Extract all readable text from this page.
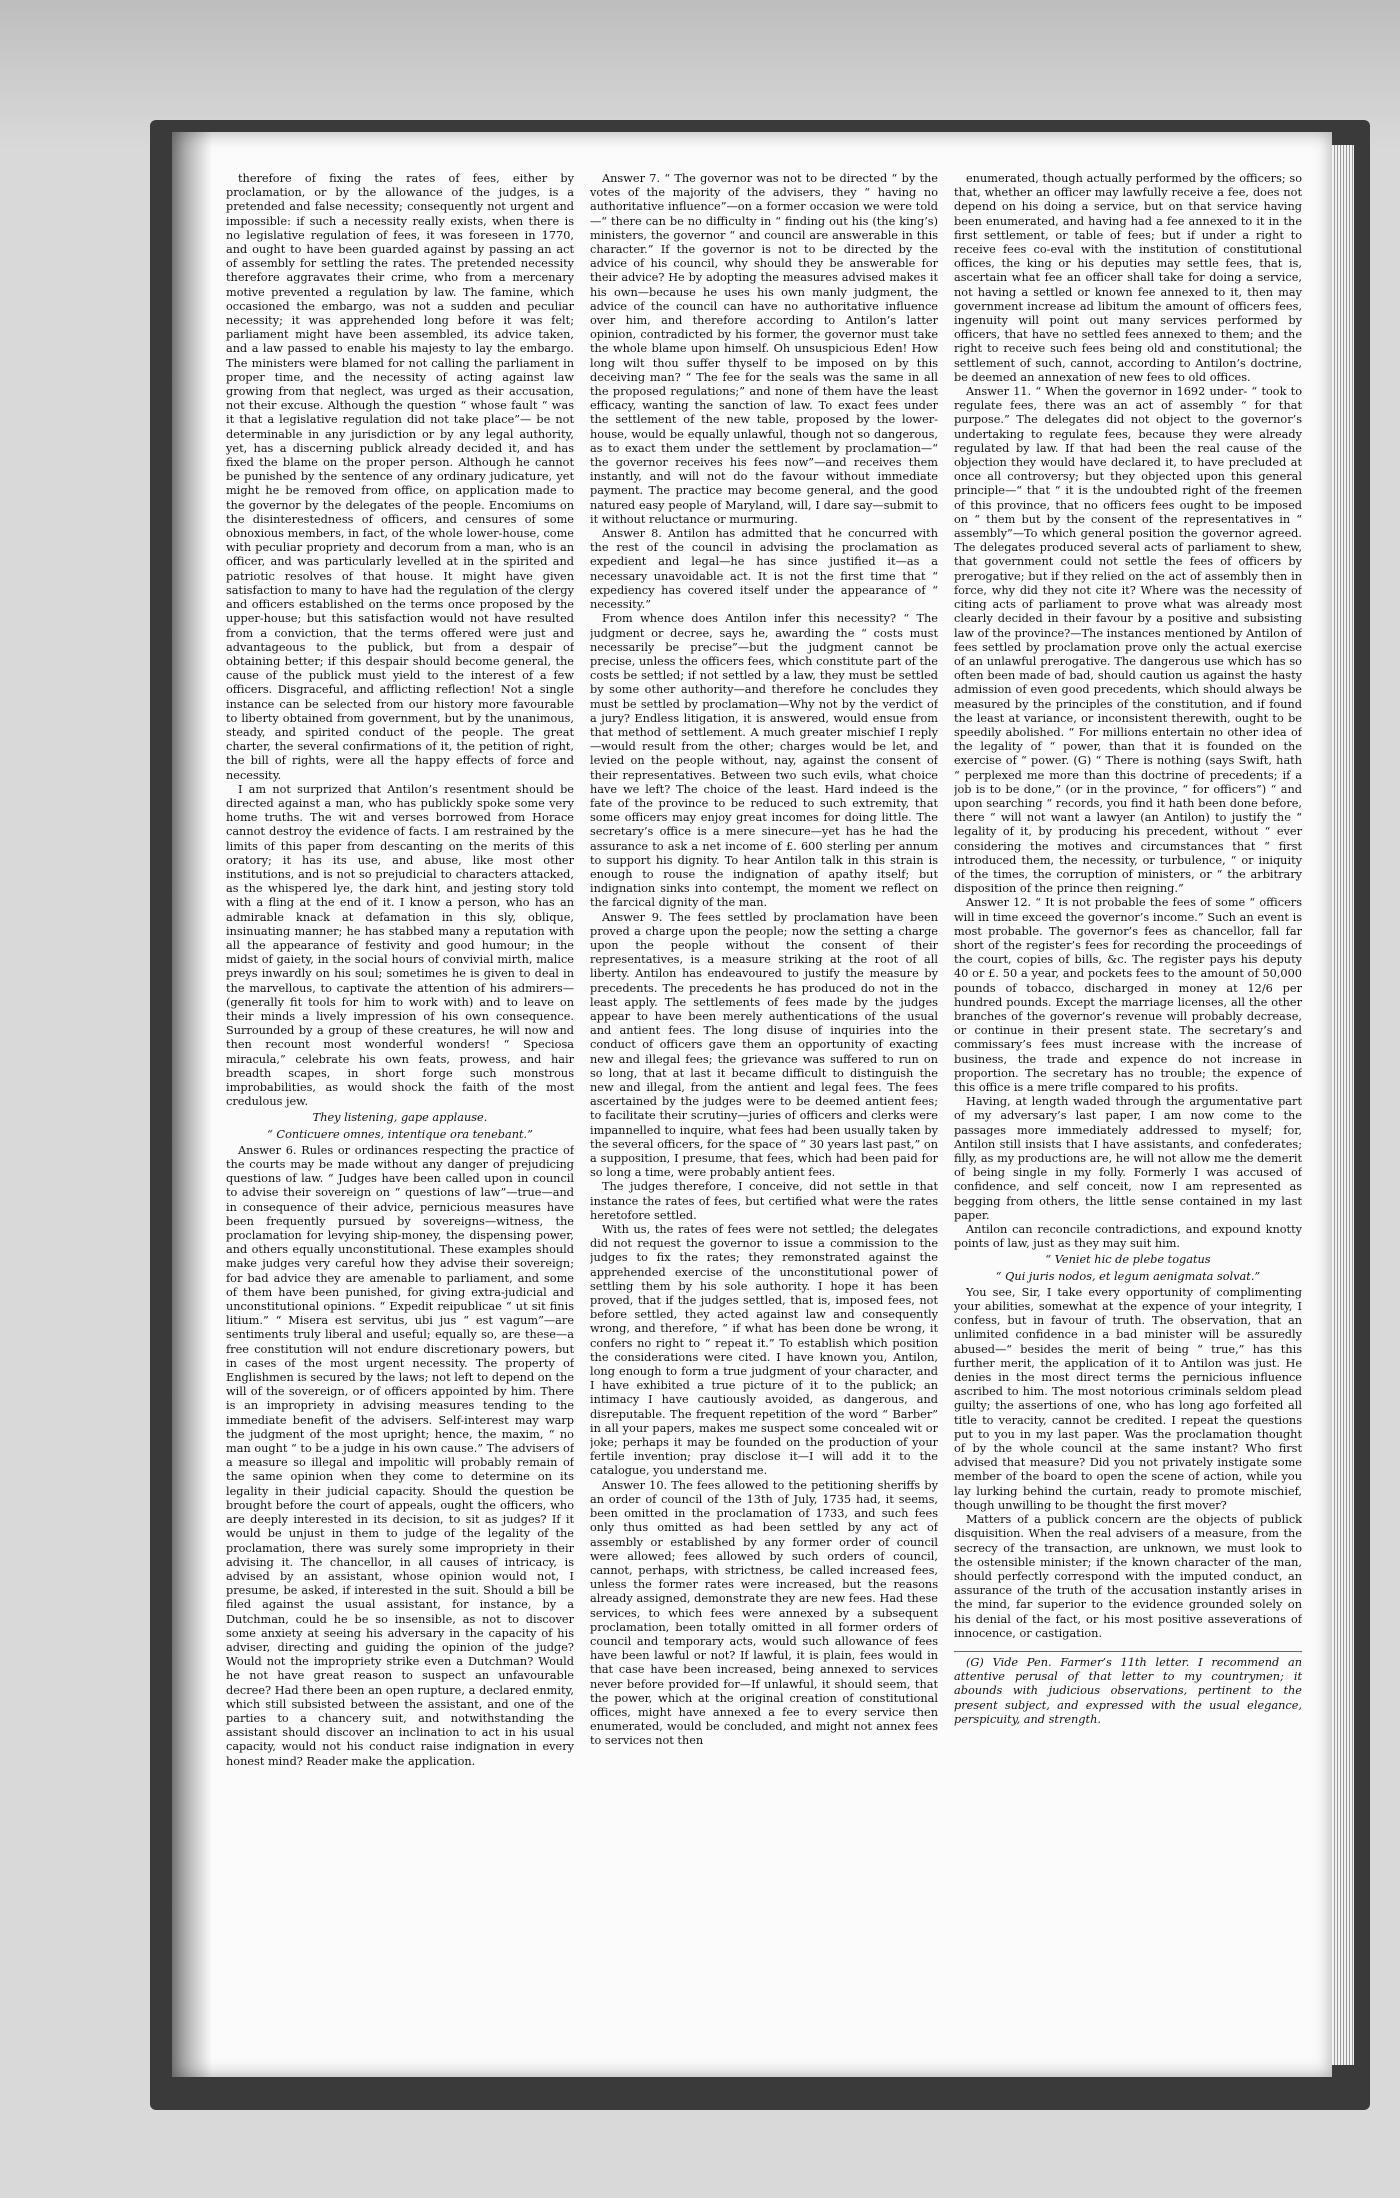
therefore of fixing the rates of fees, either by proclamation, or by the allowance of the judges, is a pretended and false necessity; consequently not urgent and impossible: if such a necessity really exists, when there is no legislative regulation of fees, it was foreseen in 1770, and ought to have been guarded against by passing an act of assembly for settling the rates. The pretended necessity therefore aggravates their crime, who from a mercenary motive prevented a regulation by law. The famine, which occasioned the embargo, was not a sudden and peculiar necessity; it was apprehended long before it was felt; parliament might have been assembled, its advice taken, and a law passed to enable his majesty to lay the embargo. The ministers were blamed for not calling the parliament in proper time, and the necessity of acting against law growing from that neglect, was urged as their accusation, not their excuse. Although the question “ whose fault “ was it that a legislative regulation did not take place”— be not determinable in any jurisdiction or by any legal authority, yet, has a discerning publick already decided it, and has fixed the blame on the proper person. Although he cannot be punished by the sentence of any ordinary judicature, yet might he be removed from office, on application made to the governor by the delegates of the people. Encomiums on the disinterestedness of officers, and censures of some obnoxious members, in fact, of the whole lower-house, come with peculiar propriety and decorum from a man, who is an officer, and was particularly levelled at in the spirited and patriotic resolves of that house. It might have given satisfaction to many to have had the regulation of the clergy and officers established on the terms once proposed by the upper-house; but this satisfaction would not have resulted from a conviction, that the terms offered were just and advantageous to the publick, but from a despair of obtaining better; if this despair should become general, the cause of the publick must yield to the interest of a few officers. Disgraceful, and afflicting reflection! Not a single instance can be selected from our history more favourable to liberty obtained from government, but by the unanimous, steady, and spirited conduct of the people. The great charter, the several confirmations of it, the petition of right, the bill of rights, were all the happy effects of force and necessity.

I am not surprized that Antilon’s resentment should be directed against a man, who has publickly spoke some very home truths. The wit and verses borrowed from Horace cannot destroy the evidence of facts. I am restrained by the limits of this paper from descanting on the merits of this oratory; it has its use, and abuse, like most other institutions, and is not so prejudicial to characters attacked, as the whispered lye, the dark hint, and jesting story told with a fling at the end of it. I know a person, who has an admirable knack at defamation in this sly, oblique, insinuating manner; he has stabbed many a reputation with all the appearance of festivity and good humour; in the midst of gaiety, in the social hours of convivial mirth, malice preys inwardly on his soul; sometimes he is given to deal in the marvellous, to captivate the attention of his admirers—(generally fit tools for him to work with) and to leave on their minds a lively impression of his own consequence. Surrounded by a group of these creatures, he will now and then recount most wonderful wonders! “ Speciosa miracula,” celebrate his own feats, prowess, and hair breadth scapes, in short forge such monstrous improbabilities, as would shock the faith of the most credulous jew.

They listening, gape applause.

“ Conticuere omnes, intentique ora tenebant.”

Answer 6. Rules or ordinances respecting the practice of the courts may be made without any danger of prejudicing questions of law. “ Judges have been called upon in council to advise their sovereign on “ questions of law”—true—and in consequence of their advice, pernicious measures have been frequently pursued by sovereigns—witness, the proclamation for levying ship-money, the dispensing power, and others equally unconstitutional. These examples should make judges very careful how they advise their sovereign; for bad advice they are amenable to parliament, and some of them have been punished, for giving extra-judicial and unconstitutional opinions. “ Expedit reipublicae “ ut sit finis litium.” “ Misera est servitus, ubi jus “ est vagum”—are sentiments truly liberal and useful; equally so, are these—a free constitution will not endure discretionary powers, but in cases of the most urgent necessity. The property of Englishmen is secured by the laws; not left to depend on the will of the sovereign, or of officers appointed by him. There is an impropriety in advising measures tending to the immediate benefit of the advisers. Self-interest may warp the judgment of the most upright; hence, the maxim, “ no man ought “ to be a judge in his own cause.” The advisers of a measure so illegal and impolitic will probably remain of the same opinion when they come to determine on its legality in their judicial capacity. Should the question be brought before the court of appeals, ought the officers, who are deeply interested in its decision, to sit as judges? If it would be unjust in them to judge of the legality of the proclamation, there was surely some impropriety in their advising it. The chancellor, in all causes of intricacy, is advised by an assistant, whose opinion would not, I presume, be asked, if interested in the suit. Should a bill be filed against the usual assistant, for instance, by a Dutchman, could he be so insensible, as not to discover some anxiety at seeing his adversary in the capacity of his adviser, directing and guiding the opinion of the judge? Would not the impropriety strike even a Dutchman? Would he not have great reason to suspect an unfavourable decree? Had there been an open rupture, a declared enmity, which still subsisted between the assistant, and one of the parties to a chancery suit, and notwithstanding the assistant should discover an inclination to act in his usual capacity, would not his conduct raise indignation in every honest mind? Reader make the application.

Answer 7. “ The governor was not to be directed “ by the votes of the majority of the advisers, they “ having no authoritative influence”—on a former occasion we were told—“ there can be no difficulty in “ finding out his (the king’s) ministers, the governor “ and council are answerable in this character.” If the governor is not to be directed by the advice of his council, why should they be answerable for their advice? He by adopting the measures advised makes it his own—because he uses his own manly judgment, the advice of the council can have no authoritative influence over him, and therefore according to Antilon’s latter opinion, contradicted by his former, the governor must take the whole blame upon himself. Oh unsuspicious Eden! How long wilt thou suffer thyself to be imposed on by this deceiving man? “ The fee for the seals was the same in all the proposed regulations;” and none of them have the least efficacy, wanting the sanction of law. To exact fees under the settlement of the new table, proposed by the lower-house, would be equally unlawful, though not so dangerous, as to exact them under the settlement by proclamation—“ the governor receives his fees now”—and receives them instantly, and will not do the favour without immediate payment. The practice may become general, and the good natured easy people of Maryland, will, I dare say—submit to it without reluctance or murmuring.

Answer 8. Antilon has admitted that he concurred with the rest of the council in advising the proclamation as expedient and legal—he has since justified it—as a necessary unavoidable act. It is not the first time that “ expediency has covered itself under the appearance of “ necessity.”

From whence does Antilon infer this necessity? “ The judgment or decree, says he, awarding the “ costs must necessarily be precise”—but the judgment cannot be precise, unless the officers fees, which constitute part of the costs be settled; if not settled by a law, they must be settled by some other authority—and therefore he concludes they must be settled by proclamation—Why not by the verdict of a jury? Endless litigation, it is answered, would ensue from that method of settlement. A much greater mischief I reply—would result from the other; charges would be let, and levied on the people without, nay, against the consent of their representatives. Between two such evils, what choice have we left? The choice of the least. Hard indeed is the fate of the province to be reduced to such extremity, that some officers may enjoy great incomes for doing little. The secretary’s office is a mere sinecure—yet has he had the assurance to ask a net income of £. 600 sterling per annum to support his dignity. To hear Antilon talk in this strain is enough to rouse the indignation of apathy itself; but indignation sinks into contempt, the moment we reflect on the farcical dignity of the man.

Answer 9. The fees settled by proclamation have been proved a charge upon the people; now the setting a charge upon the people without the consent of their representatives, is a measure striking at the root of all liberty. Antilon has endeavoured to justify the measure by precedents. The precedents he has produced do not in the least apply. The settlements of fees made by the judges appear to have been merely authentications of the usual and antient fees. The long disuse of inquiries into the conduct of officers gave them an opportunity of exacting new and illegal fees; the grievance was suffered to run on so long, that at last it became difficult to distinguish the new and illegal, from the antient and legal fees. The fees ascertained by the judges were to be deemed antient fees; to facilitate their scrutiny—juries of officers and clerks were impannelled to inquire, what fees had been usually taken by the several officers, for the space of “ 30 years last past,” on a supposition, I presume, that fees, which had been paid for so long a time, were probably antient fees.

The judges therefore, I conceive, did not settle in that instance the rates of fees, but certified what were the rates heretofore settled.

With us, the rates of fees were not settled; the delegates did not request the governor to issue a commission to the judges to fix the rates; they remonstrated against the apprehended exercise of the unconstitutional power of settling them by his sole authority. I hope it has been proved, that if the judges settled, that is, imposed fees, not before settled, they acted against law and consequently wrong, and therefore, “ if what has been done be wrong, it confers no right to “ repeat it.” To establish which position the considerations were cited. I have known you, Antilon, long enough to form a true judgment of your character, and I have exhibited a true picture of it to the publick; an intimacy I have cautiously avoided, as dangerous, and disreputable. The frequent repetition of the word “ Barber” in all your papers, makes me suspect some concealed wit or joke; perhaps it may be founded on the production of your fertile invention; pray disclose it—I will add it to the catalogue, you understand me.

Answer 10. The fees allowed to the petitioning sheriffs by an order of council of the 13th of July, 1735 had, it seems, been omitted in the proclamation of 1733, and such fees only thus omitted as had been settled by any act of assembly or established by any former order of council were allowed; fees allowed by such orders of council, cannot, perhaps, with strictness, be called increased fees, unless the former rates were increased, but the reasons already assigned, demonstrate they are new fees. Had these services, to which fees were annexed by a subsequent proclamation, been totally omitted in all former orders of council and temporary acts, would such allowance of fees have been lawful or not? If lawful, it is plain, fees would in that case have been increased, being annexed to services never before provided for—If unlawful, it should seem, that the power, which at the original creation of constitutional offices, might have annexed a fee to every service then enumerated, would be concluded, and might not annex fees to services not then

enumerated, though actually performed by the officers; so that, whether an officer may lawfully receive a fee, does not depend on his doing a service, but on that service having been enumerated, and having had a fee annexed to it in the first settlement, or table of fees; but if under a right to receive fees co-eval with the institution of constitutional offices, the king or his deputies may settle fees, that is, ascertain what fee an officer shall take for doing a service, not having a settled or known fee annexed to it, then may government increase ad libitum the amount of officers fees, ingenuity will point out many services performed by officers, that have no settled fees annexed to them; and the right to receive such fees being old and constitutional; the settlement of such, cannot, according to Antilon’s doctrine, be deemed an annexation of new fees to old offices.

Answer 11. “ When the governor in 1692 under- “ took to regulate fees, there was an act of assembly “ for that purpose.” The delegates did not object to the governor’s undertaking to regulate fees, because they were already regulated by law. If that had been the real cause of the objection they would have declared it, to have precluded at once all controversy; but they objected upon this general principle—“ that “ it is the undoubted right of the freemen of this province, that no officers fees ought to be imposed on “ them but by the consent of the representatives in “ assembly”—To which general position the governor agreed. The delegates produced several acts of parliament to shew, that government could not settle the fees of officers by prerogative; but if they relied on the act of assembly then in force, why did they not cite it? Where was the necessity of citing acts of parliament to prove what was already most clearly decided in their favour by a positive and subsisting law of the province?—The instances mentioned by Antilon of fees settled by proclamation prove only the actual exercise of an unlawful prerogative. The dangerous use which has so often been made of bad, should caution us against the hasty admission of even good precedents, which should always be measured by the principles of the constitution, and if found the least at variance, or inconsistent therewith, ought to be speedily abolished. “ For millions entertain no other idea of the legality of “ power, than that it is founded on the exercise of “ power. (G) “ There is nothing (says Swift, hath “ perplexed me more than this doctrine of precedents; if a job is to be done,” (or in the province, “ for officers”) “ and upon searching “ records, you find it hath been done before, there “ will not want a lawyer (an Antilon) to justify the “ legality of it, by producing his precedent, without “ ever considering the motives and circumstances that “ first introduced them, the necessity, or turbulence, “ or iniquity of the times, the corruption of ministers, or “ the arbitrary disposition of the prince then reigning.”

Answer 12. “ It is not probable the fees of some “ officers will in time exceed the governor’s income.” Such an event is most probable. The governor’s fees as chancellor, fall far short of the register’s fees for recording the proceedings of the court, copies of bills, &c. The register pays his deputy 40 or £. 50 a year, and pockets fees to the amount of 50,000 pounds of tobacco, discharged in money at 12/6 per hundred pounds. Except the marriage licenses, all the other branches of the governor’s revenue will probably decrease, or continue in their present state. The secretary’s and commissary’s fees must increase with the increase of business, the trade and expence do not increase in proportion. The secretary has no trouble; the expence of this office is a mere trifle compared to his profits.

Having, at length waded through the argumentative part of my adversary’s last paper, I am now come to the passages more immediately addressed to myself; for, Antilon still insists that I have assistants, and confederates; filly, as my productions are, he will not allow me the demerit of being single in my folly. Formerly I was accused of confidence, and self conceit, now I am represented as begging from others, the little sense contained in my last paper.

Antilon can reconcile contradictions, and expound knotty points of law, just as they may suit him.

“ Veniet hic de plebe togatus

“ Qui juris nodos, et legum aenigmata solvat.”

You see, Sir, I take every opportunity of complimenting your abilities, somewhat at the expence of your integrity, I confess, but in favour of truth. The observation, that an unlimited confidence in a bad minister will be assuredly abused—“ besides the merit of being “ true,” has this further merit, the application of it to Antilon was just. He denies in the most direct terms the pernicious influence ascribed to him. The most notorious criminals seldom plead guilty; the assertions of one, who has long ago forfeited all title to veracity, cannot be credited. I repeat the questions put to you in my last paper. Was the proclamation thought of by the whole council at the same instant? Who first advised that measure? Did you not privately instigate some member of the board to open the scene of action, while you lay lurking behind the curtain, ready to promote mischief, though unwilling to be thought the first mover?

Matters of a publick concern are the objects of publick disquisition. When the real advisers of a measure, from the secrecy of the transaction, are unknown, we must look to the ostensible minister; if the known character of the man, should perfectly correspond with the imputed conduct, an assurance of the truth of the accusation instantly arises in the mind, far superior to the evidence grounded solely on his denial of the fact, or his most positive asseverations of innocence, or castigation.

(G) Vide Pen. Farmer’s 11th letter. I recommend an attentive perusal of that letter to my countrymen; it abounds with judicious observations, pertinent to the present subject, and expressed with the usual elegance, perspicuity, and strength.
